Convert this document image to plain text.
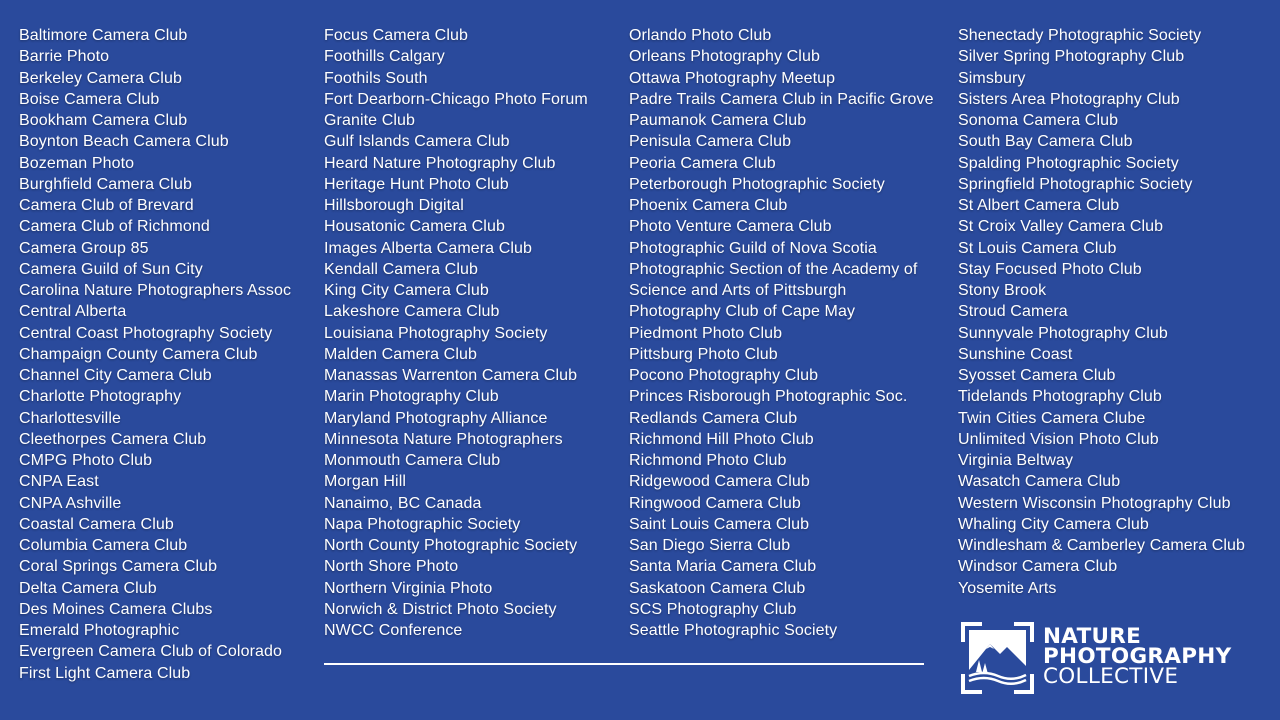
Baltimore Camera Club
Barrie Photo
Berkeley Camera Club
Boise Camera Club
Bookham Camera Club
Boynton Beach Camera Club
Bozeman Photo
Burghfield Camera Club
Camera Club of Brevard
Camera Club of Richmond
Camera Group 85
Camera Guild of Sun City
Carolina Nature Photographers Assoc
Central Alberta
Central Coast Photography Society
Champaign County Camera Club
Channel City Camera Club
Charlotte Photography
Charlottesville
Cleethorpes Camera Club
CMPG Photo Club
CNPA East
CNPA Ashville
Coastal Camera Club
Columbia Camera Club
Coral Springs Camera Club
Delta Camera Club
Des Moines Camera Clubs
Emerald Photographic
Evergreen Camera Club of Colorado
First Light Camera Club
Focus Camera Club
Foothills Calgary
Foothils South
Fort Dearborn-Chicago Photo Forum
Granite Club
Gulf Islands Camera Club
Heard Nature Photography Club
Heritage Hunt Photo Club
Hillsborough Digital
Housatonic Camera Club
Images Alberta Camera Club
Kendall Camera Club
King City Camera Club
Lakeshore Camera Club
Louisiana Photography Society
Malden Camera Club
Manassas Warrenton Camera Club
Marin Photography Club
Maryland Photography Alliance
Minnesota Nature Photographers
Monmouth Camera Club
Morgan Hill
Nanaimo, BC Canada
Napa Photographic Society
North County Photographic Society
North Shore Photo
Northern Virginia Photo
Norwich & District Photo Society
NWCC Conference
Orlando Photo Club
Orleans Photography Club
Ottawa Photography Meetup
Padre Trails Camera Club in Pacific Grove
Paumanok Camera Club
Penisula Camera Club
Peoria Camera Club
Peterborough Photographic Society
Phoenix Camera Club
Photo Venture Camera Club
Photographic Guild of Nova Scotia
Photographic Section of the Academy of
Science and Arts of Pittsburgh
Photography Club of Cape May
Piedmont Photo Club
Pittsburg Photo Club
Pocono Photography Club
Princes Risborough Photographic Soc.
Redlands Camera Club
Richmond Hill Photo Club
Richmond Photo Club
Ridgewood Camera Club
Ringwood Camera Club
Saint Louis Camera Club
San Diego Sierra Club
Santa Maria Camera Club
Saskatoon Camera Club
SCS Photography Club
Seattle Photographic Society
Shenectady Photographic Society
Silver Spring Photography Club
Simsbury
Sisters Area Photography Club
Sonoma Camera Club
South Bay Camera Club
Spalding Photographic Society
Springfield Photographic Society
St Albert Camera Club
St Croix Valley Camera Club
St Louis Camera Club
Stay Focused Photo Club
Stony Brook
Stroud Camera
Sunnyvale Photography Club
Sunshine Coast
Syosset Camera Club
Tidelands Photography Club
Twin Cities Camera Clube
Unlimited Vision Photo Club
Virginia Beltway
Wasatch Camera Club
Western Wisconsin Photography Club
Whaling City Camera Club
Windlesham & Camberley Camera Club
Windsor Camera Club
Yosemite Arts
NATURE
PHOTOGRAPHY
COLLECTIVE
